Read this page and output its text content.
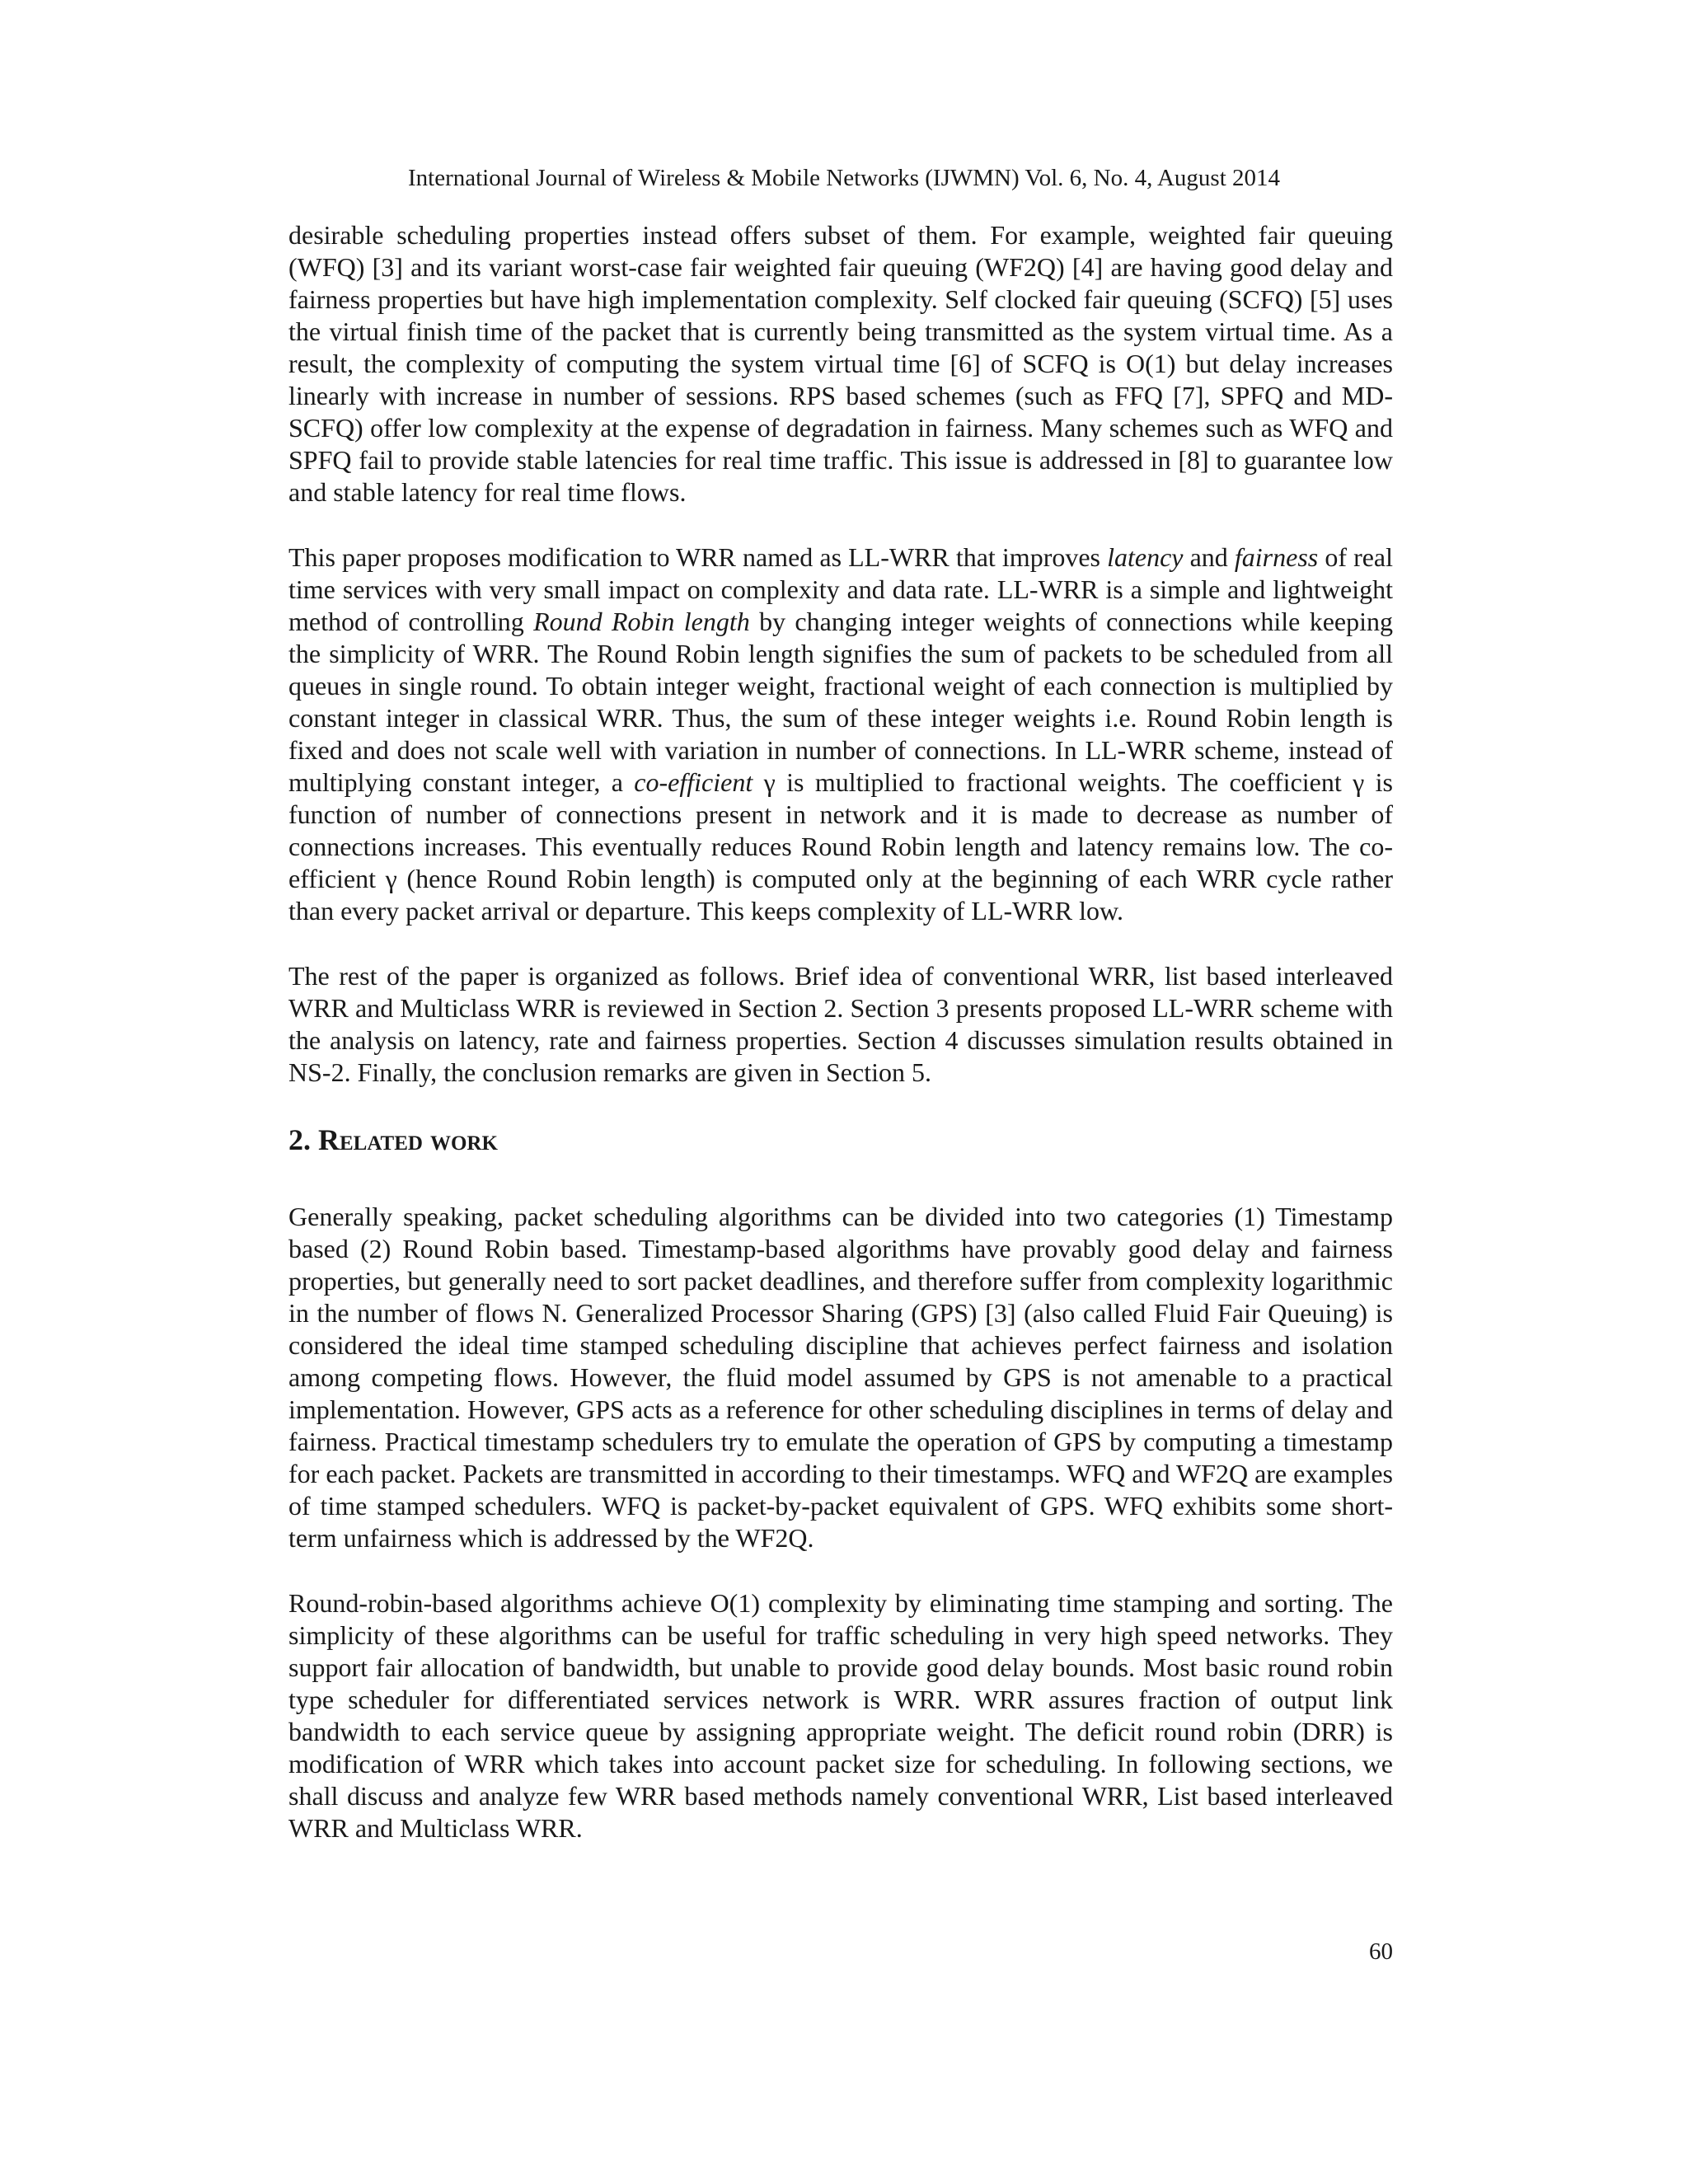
International Journal of Wireless & Mobile Networks (IJWMN) Vol. 6, No. 4, August 2014

desirable scheduling properties instead offers subset of them. For example, weighted fair queuing (WFQ) [3] and its variant worst-case fair weighted fair queuing (WF2Q) [4] are having good delay and fairness properties but have high implementation complexity. Self clocked fair queuing (SCFQ) [5] uses the virtual finish time of the packet that is currently being transmitted as the system virtual time. As a result, the complexity of computing the system virtual time [6] of SCFQ is O(1) but delay increases linearly with increase in number of sessions. RPS based schemes (such as FFQ [7], SPFQ and MD-SCFQ) offer low complexity at the expense of degradation in fairness. Many schemes such as WFQ and SPFQ fail to provide stable latencies for real time traffic. This issue is addressed in [8] to guarantee low and stable latency for real time flows.

This paper proposes modification to WRR named as LL-WRR that improves latency and fairness of real time services with very small impact on complexity and data rate. LL-WRR is a simple and lightweight method of controlling Round Robin length by changing integer weights of connections while keeping the simplicity of WRR. The Round Robin length signifies the sum of packets to be scheduled from all queues in single round. To obtain integer weight, fractional weight of each connection is multiplied by constant integer in classical WRR. Thus, the sum of these integer weights i.e. Round Robin length is fixed and does not scale well with variation in number of connections. In LL-WRR scheme, instead of multiplying constant integer, a co-efficient γ is multiplied to fractional weights. The coefficient γ is function of number of connections present in network and it is made to decrease as number of connections increases. This eventually reduces Round Robin length and latency remains low. The co-efficient γ (hence Round Robin length) is computed only at the beginning of each WRR cycle rather than every packet arrival or departure. This keeps complexity of LL-WRR low.

The rest of the paper is organized as follows. Brief idea of conventional WRR, list based interleaved WRR and Multiclass WRR is reviewed in Section 2. Section 3 presents proposed LL-WRR scheme with the analysis on latency, rate and fairness properties. Section 4 discusses simulation results obtained in NS-2. Finally, the conclusion remarks are given in Section 5.

2. Related work

Generally speaking, packet scheduling algorithms can be divided into two categories (1) Timestamp based (2) Round Robin based. Timestamp-based algorithms have provably good delay and fairness properties, but generally need to sort packet deadlines, and therefore suffer from complexity logarithmic in the number of flows N. Generalized Processor Sharing (GPS) [3] (also called Fluid Fair Queuing) is considered the ideal time stamped scheduling discipline that achieves perfect fairness and isolation among competing flows. However, the fluid model assumed by GPS is not amenable to a practical implementation. However, GPS acts as a reference for other scheduling disciplines in terms of delay and fairness. Practical timestamp schedulers try to emulate the operation of GPS by computing a timestamp for each packet. Packets are transmitted in according to their timestamps. WFQ and WF2Q are examples of time stamped schedulers. WFQ is packet-by-packet equivalent of GPS. WFQ exhibits some short-term unfairness which is addressed by the WF2Q.

Round-robin-based algorithms achieve O(1) complexity by eliminating time stamping and sorting. The simplicity of these algorithms can be useful for traffic scheduling in very high speed networks. They support fair allocation of bandwidth, but unable to provide good delay bounds. Most basic round robin type scheduler for differentiated services network is WRR. WRR assures fraction of output link bandwidth to each service queue by assigning appropriate weight. The deficit round robin (DRR) is modification of WRR which takes into account packet size for scheduling. In following sections, we shall discuss and analyze few WRR based methods namely conventional WRR, List based interleaved WRR and Multiclass WRR.

60
